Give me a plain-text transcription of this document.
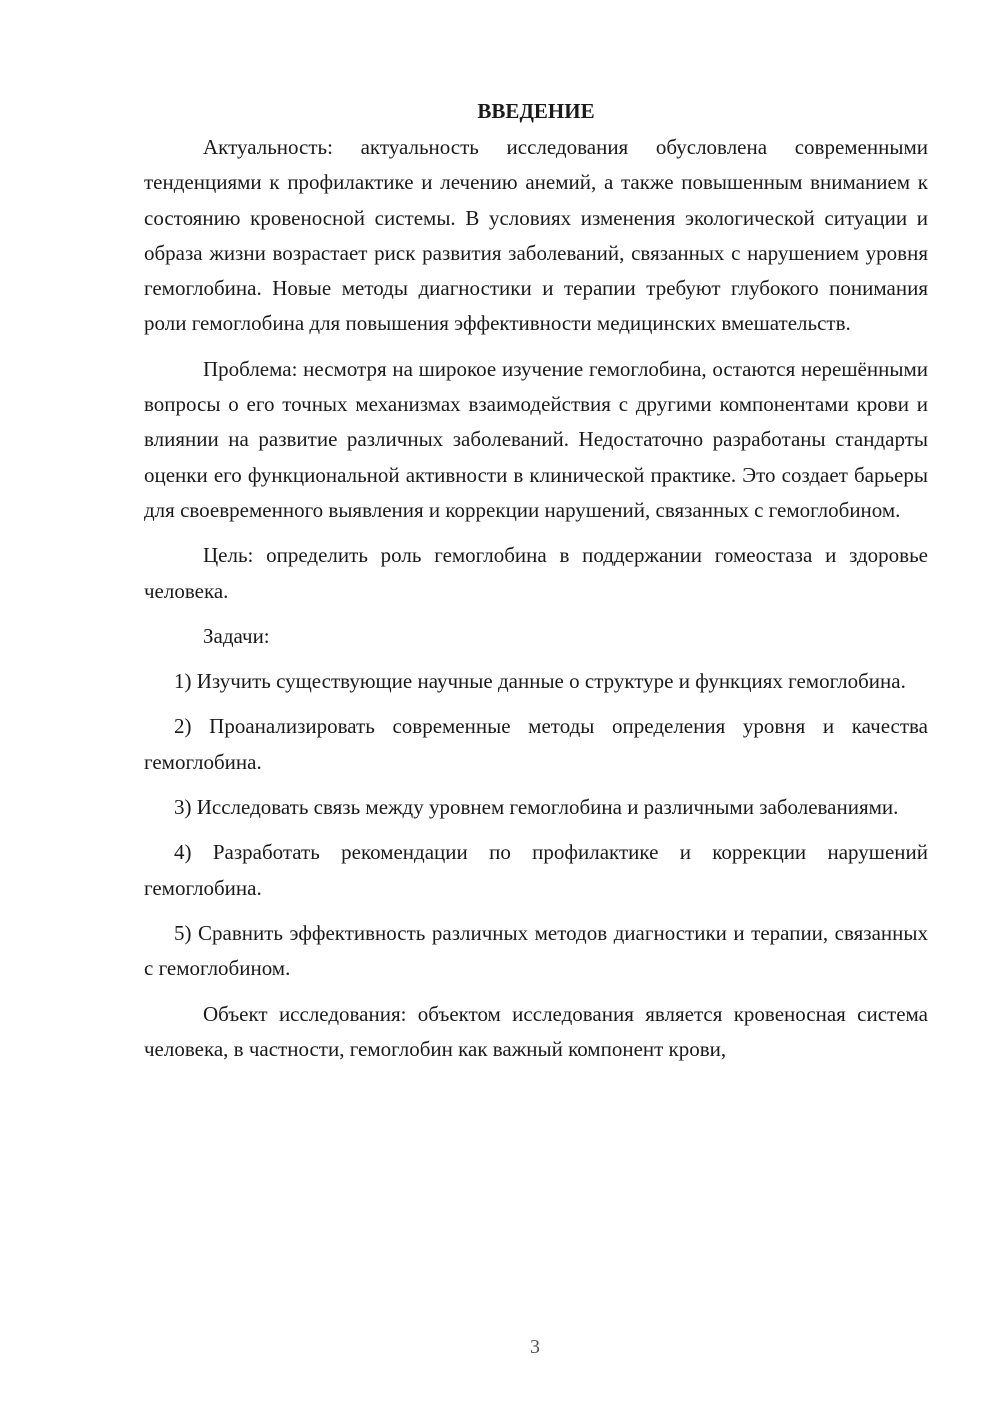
ВВЕДЕНИЕ

Актуальность: актуальность исследования обусловлена современными тенденциями к профилактике и лечению анемий, а также повышенным вниманием к состоянию кровеносной системы. В условиях изменения экологической ситуации и образа жизни возрастает риск развития заболеваний, связанных с нарушением уровня гемоглобина. Новые методы диагностики и терапии требуют глубокого понимания роли гемоглобина для повышения эффективности медицинских вмешательств.

Проблема: несмотря на широкое изучение гемоглобина, остаются нерешёнными вопросы о его точных механизмах взаимодействия с другими компонентами крови и влиянии на развитие различных заболеваний. Недостаточно разработаны стандарты оценки его функциональной активности в клинической практике. Это создает барьеры для своевременного выявления и коррекции нарушений, связанных с гемоглобином.

Цель: определить роль гемоглобина в поддержании гомеостаза и здоровье человека.

Задачи:

1) Изучить существующие научные данные о структуре и функциях гемоглобина.

2) Проанализировать современные методы определения уровня и качества гемоглобина.

3) Исследовать связь между уровнем гемоглобина и различными заболеваниями.

4) Разработать рекомендации по профилактике и коррекции нарушений гемоглобина.

5) Сравнить эффективность различных методов диагностики и терапии, связанных с гемоглобином.

Объект исследования: объектом исследования является кровеносная система человека, в частности, гемоглобин как важный компонент крови,

3
